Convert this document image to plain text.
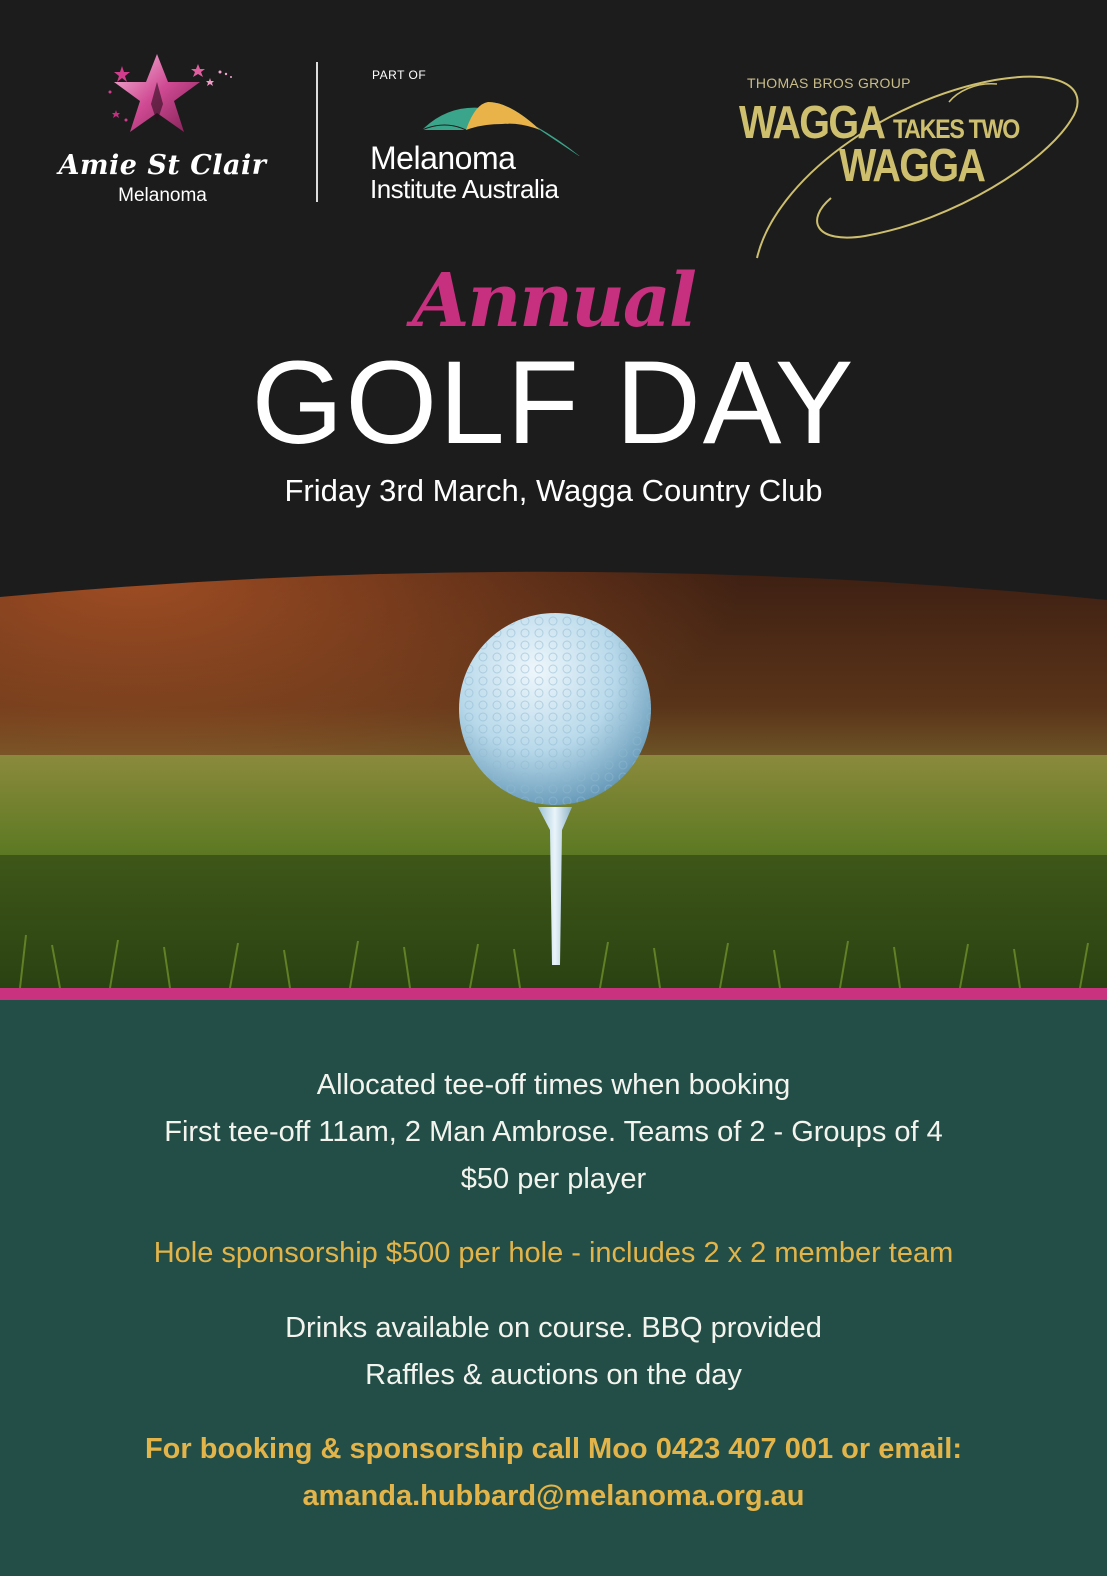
Amie St Clair
Melanoma
PART OF
Melanoma
Institute Australia
THOMAS BROS GROUP
WAGGA TAKES TWO
WAGGA
Annual
GOLF DAY
Friday 3rd March, Wagga Country Club
Allocated tee-off times when booking
First tee-off 11am, 2 Man Ambrose. Teams of 2 - Groups of 4
$50 per player
Hole sponsorship $500 per hole - includes 2 x 2 member team
Drinks available on course. BBQ provided
Raffles & auctions on the day
For booking & sponsorship call Moo 0423 407 001 or email:
amanda.hubbard@melanoma.org.au
